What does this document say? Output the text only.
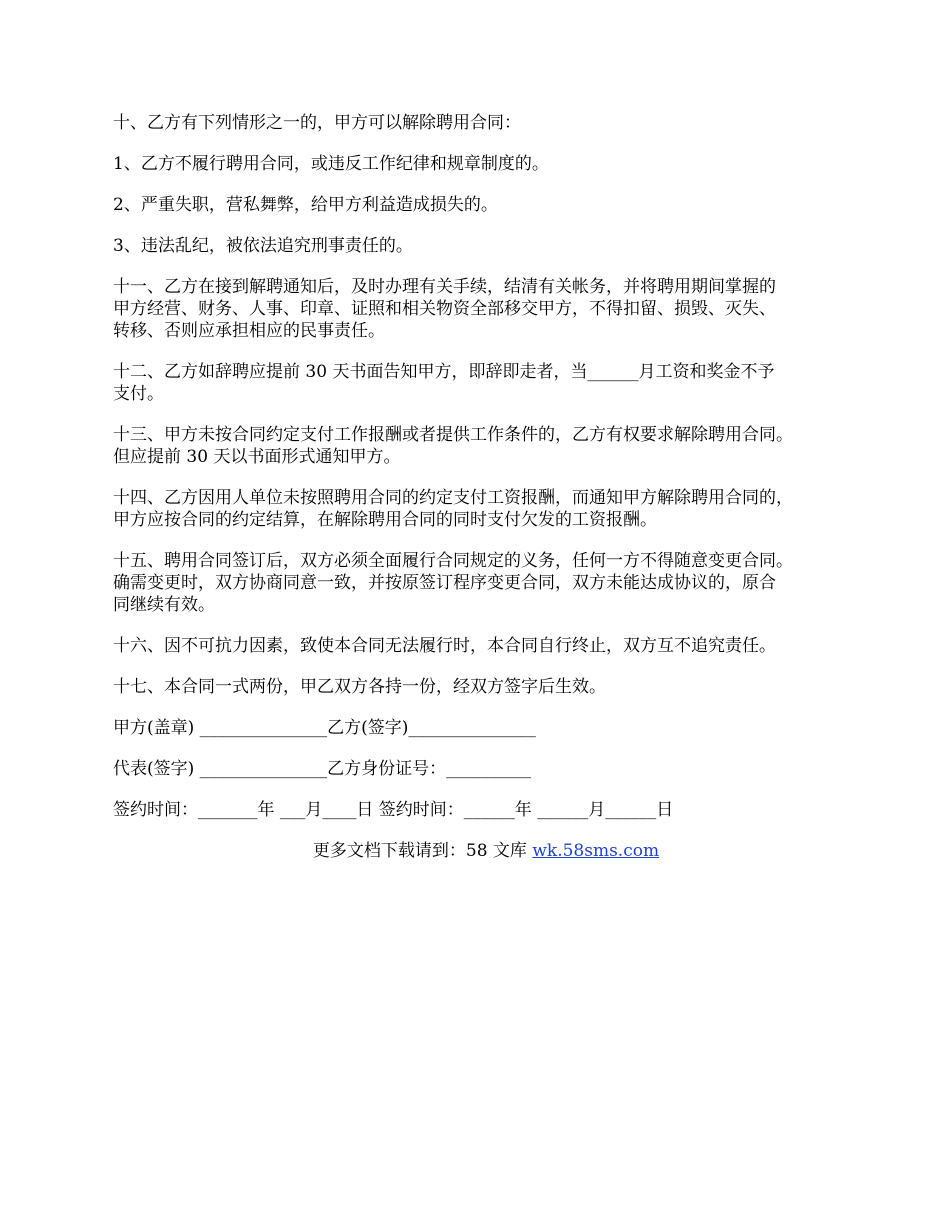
十、乙方有下列情形之一的，甲方可以解除聘用合同：
1、乙方不履行聘用合同，或违反工作纪律和规章制度的。
2、严重失职，营私舞弊，给甲方利益造成损失的。
3、违法乱纪，被依法追究刑事责任的。
十一、乙方在接到解聘通知后，及时办理有关手续，结清有关帐务，并将聘用期间掌握的
甲方经营、财务、人事、印章、证照和相关物资全部移交甲方，不得扣留、损毁、灭失、
转移、否则应承担相应的民事责任。
十二、乙方如辞聘应提前 30 天书面告知甲方，即辞即走者，当______月工资和奖金不予
支付。
十三、甲方未按合同约定支付工作报酬或者提供工作条件的，乙方有权要求解除聘用合同。
但应提前 30 天以书面形式通知甲方。
十四、乙方因用人单位未按照聘用合同的约定支付工资报酬，而通知甲方解除聘用合同的，
甲方应按合同的约定结算，在解除聘用合同的同时支付欠发的工资报酬。
十五、聘用合同签订后，双方必须全面履行合同规定的义务，任何一方不得随意变更合同。
确需变更时，双方协商同意一致，并按原签订程序变更合同，双方未能达成协议的，原合
同继续有效。
十六、因不可抗力因素，致使本合同无法履行时，本合同自行终止，双方互不追究责任。
十七、本合同一式两份，甲乙双方各持一份，经双方签字后生效。
甲方(盖章) _______________乙方(签字)_______________
代表(签字) _______________乙方身份证号：__________
签约时间：_______年 ___月____日 签约时间：______年 ______月______日
更多文档下载请到：58 文库 wk.58sms.com
